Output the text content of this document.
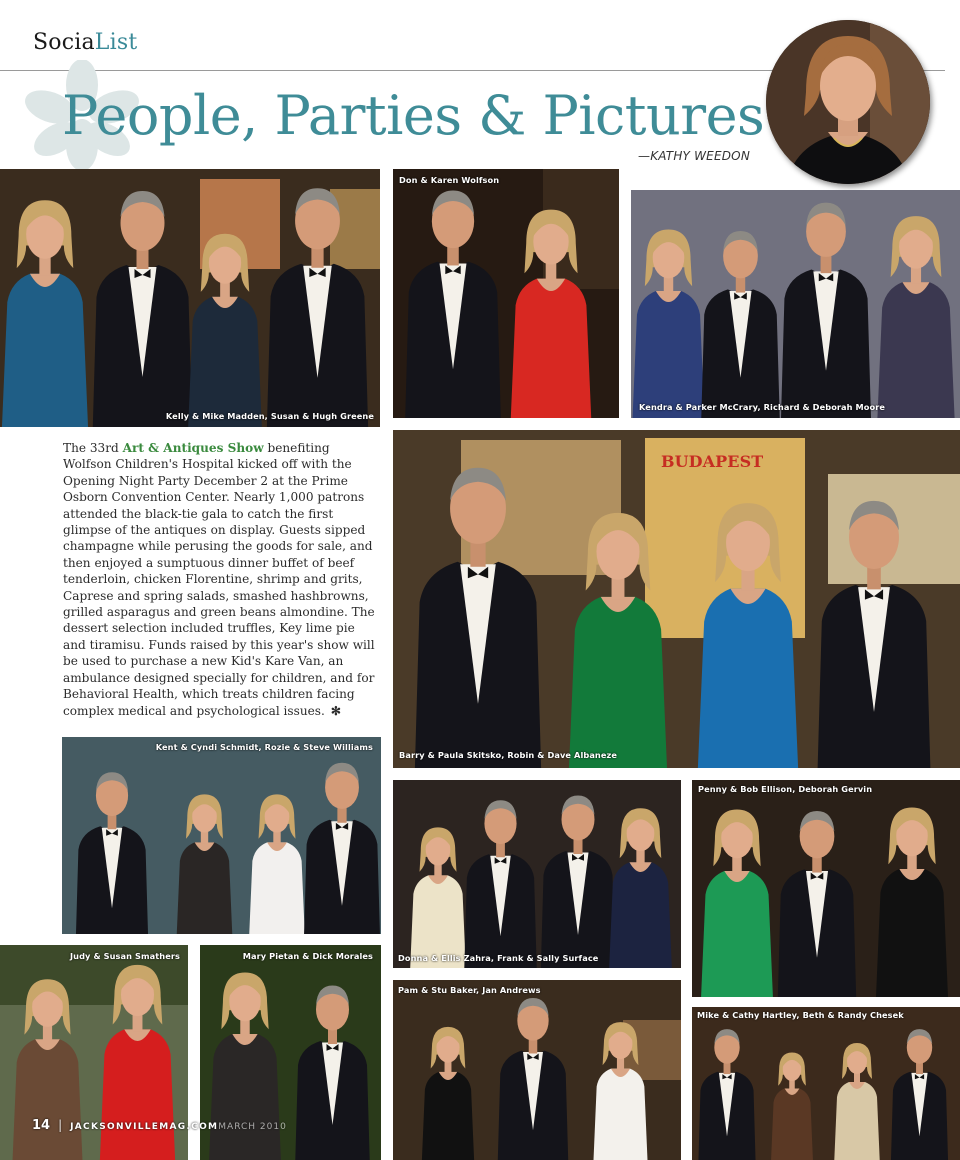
SociaList
People, Parties & Pictures
—KATHY WEEDON
Kelly & Mike Madden, Susan & Hugh Greene
Don & Karen Wolfson
Kendra & Parker McCrary, Richard & Deborah Moore
The 33rd Art & Antiques Show benefiting Wolfson Children's Hospital kicked off with the Opening Night Party December 2 at the Prime Osborn Convention Center. Nearly 1,000 patrons attended the black-tie gala to catch the first glimpse of the antiques on display. Guests sipped champagne while perusing the goods for sale, and then enjoyed a sumptuous dinner buffet of beef tenderloin, chicken Florentine, shrimp and grits, Caprese and spring salads, smashed hashbrowns, grilled asparagus and green beans almondine. The dessert selection included truffles, Key lime pie and tiramisu. Funds raised by this year's show will be used to purchase a new Kid's Kare Van, an ambulance designed specially for children, and for Behavioral Health, which treats children facing complex medical and psychological issues. ✻
BUDAPEST
Barry & Paula Skitsko, Robin & Dave Albaneze
Kent & Cyndi Schmidt, Rozie & Steve Williams
Donna & Ellis Zahra, Frank & Sally Surface
Penny & Bob Ellison, Deborah Gervin
Judy & Susan Smathers	Mary Pietan & Dick Morales
Pam & Stu Baker, Jan Andrews
Mike & Cathy Hartley, Beth & Randy Chesek
14 | JACKSONVILLEMAG.COMMARCH 2010
